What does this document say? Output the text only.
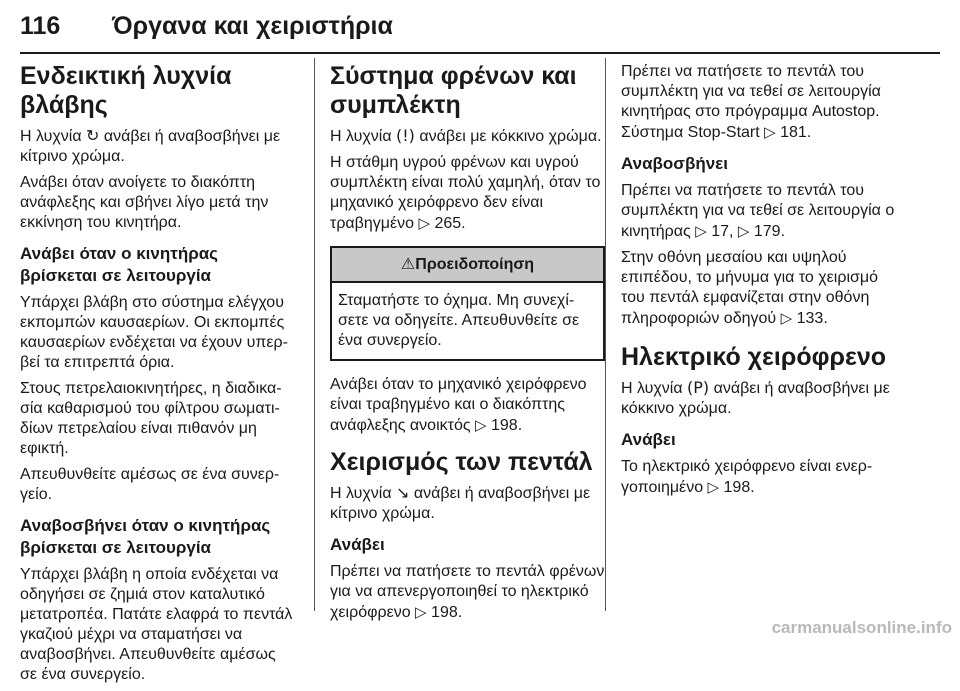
116 Όργανα και χειριστήρια
Ενδεικτική λυχνία βλάβης

Η λυχνία ↻ ανάβει ή αναβοσβήνει με κίτρινο χρώμα.

Ανάβει όταν ανοίγετε το διακόπτη ανάφλεξης και σβήνει λίγο μετά την εκκίνηση του κινητήρα.

Ανάβει όταν ο κινητήρας βρίσκεται σε λειτουργία

Υπάρχει βλάβη στο σύστημα ελέγχου εκπομπών καυσαερίων. Οι εκπομπές καυσαερίων ενδέχεται να έχουν υπερβεί τα επιτρεπτά όρια.

Στους πετρελαιοκινητήρες, η διαδικασία καθαρισμού του φίλτρου σωματιδίων πετρελαίου είναι πιθανόν μη εφικτή.

Απευθυνθείτε αμέσως σε ένα συνεργείο.

Αναβοσβήνει όταν ο κινητήρας βρίσκεται σε λειτουργία

Υπάρχει βλάβη η οποία ενδέχεται να οδηγήσει σε ζημιά στον καταλυτικό μετατροπέα. Πατάτε ελαφρά το πεντάλ γκαζιού μέχρι να σταματήσει να αναβοσβήνει. Απευθυνθείτε αμέσως σε ένα συνεργείο.

Σύστημα φρένων και συμπλέκτη

Η λυχνία (!) ανάβει με κόκκινο χρώμα.

Η στάθμη υγρού φρένων και υγρού συμπλέκτη είναι πολύ χαμηλή, όταν το μηχανικό χειρόφρενο δεν είναι τραβηγμένο ▷ 265.

⚠Προειδοποίηση
Σταματήστε το όχημα. Μη συνεχίσετε να οδηγείτε. Απευθυνθείτε σε ένα συνεργείο.

Ανάβει όταν το μηχανικό χειρόφρενο είναι τραβηγμένο και ο διακόπτης ανάφλεξης ανοικτός ▷ 198.

Χειρισμός των πεντάλ

Η λυχνία ↘ ανάβει ή αναβοσβήνει με κίτρινο χρώμα.

Ανάβει

Πρέπει να πατήσετε το πεντάλ φρένων για να απενεργοποιηθεί το ηλεκτρικό χειρόφρενο ▷ 198.

Πρέπει να πατήσετε το πεντάλ του συμπλέκτη για να τεθεί σε λειτουργία κινητήρας στο πρόγραμμα Autostop. Σύστημα Stop-Start ▷ 181.

Αναβοσβήνει

Πρέπει να πατήσετε το πεντάλ του συμπλέκτη για να τεθεί σε λειτουργία ο κινητήρας ▷ 17, ▷ 179.

Στην οθόνη μεσαίου και υψηλού επιπέδου, το μήνυμα για το χειρισμό του πεντάλ εμφανίζεται στην οθόνη πληροφοριών οδηγού ▷ 133.

Ηλεκτρικό χειρόφρενο

Η λυχνία (P) ανάβει ή αναβοσβήνει με κόκκινο χρώμα.

Ανάβει

Το ηλεκτρικό χειρόφρενο είναι ενεργοποιημένο ▷ 198.

carmanualsonline.info
